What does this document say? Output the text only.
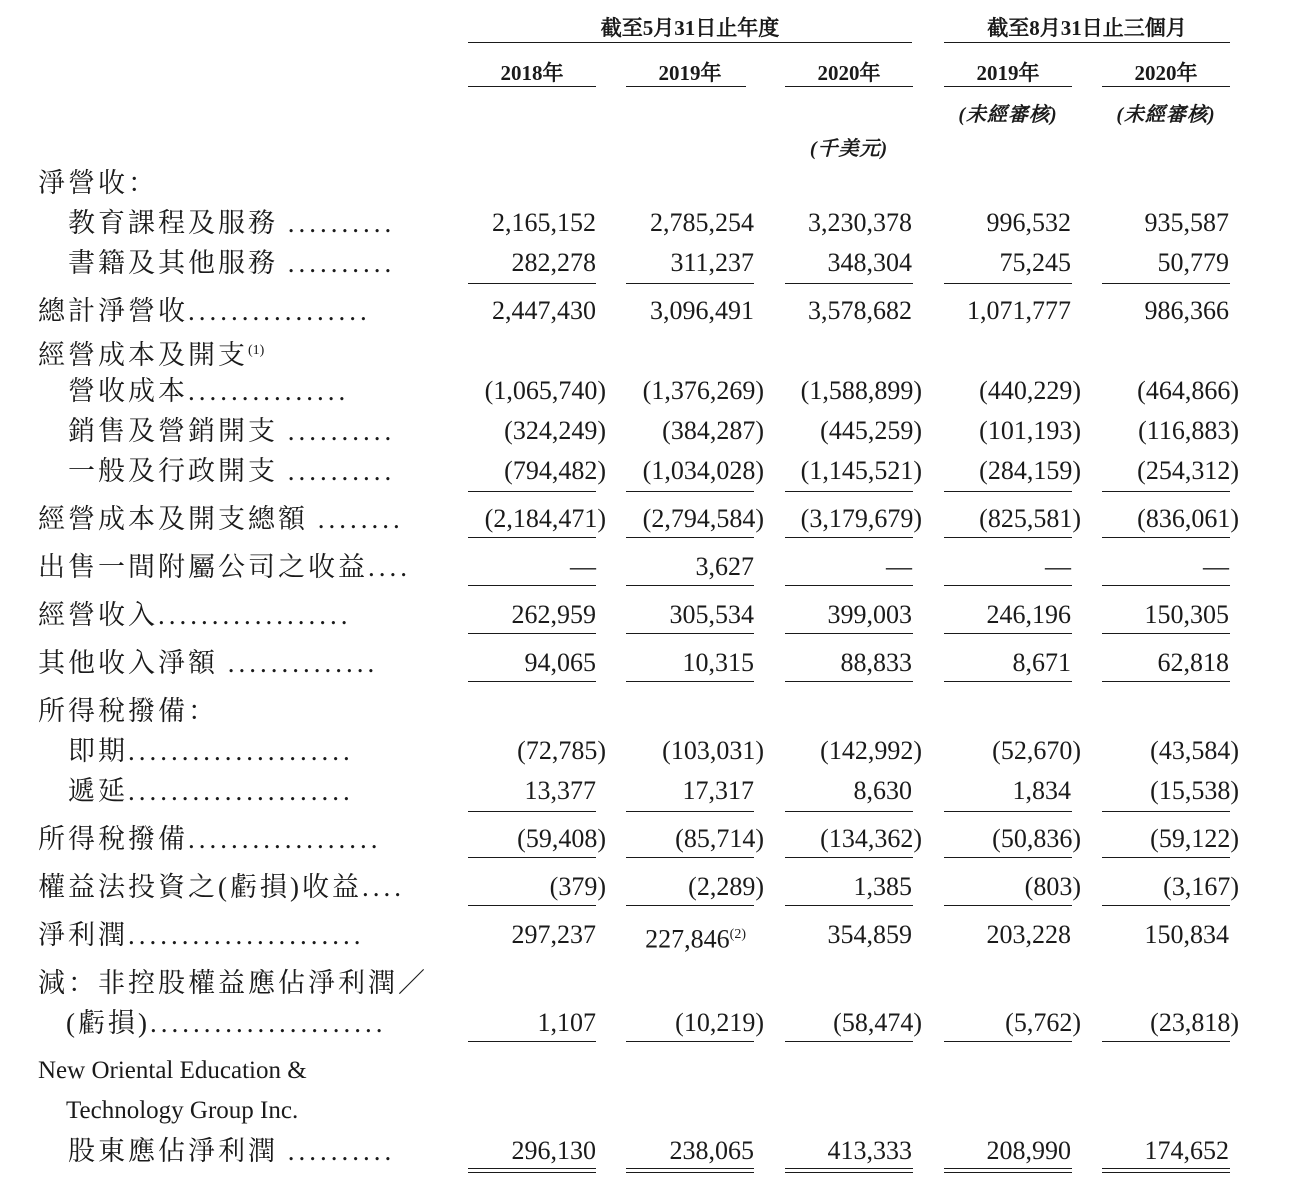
截至5月31日止年度	截至8月31日止三個月
2018年	2019年	2020年	2019年	2020年
(未經審核)	(未經審核)
(千美元)
淨營收：
教育課程及服務 ..........	2,165,152 2,785,254 3,230,378	996,532	935,587
書籍及其他服務 ..........	282,278	311,237	348,304	75,245	50,779
總計淨營收.................	2,447,430 3,096,491 3,578,682 1,071,777	986,366
經營成本及開支$^{(1)}$
營收成本...............	(1,065,740) (1,376,269) (1,588,899) (440,229) (464,866)
銷售及營銷開支 ..........	(324,249) (384,287) (445,259) (101,193) (116,883)
一般及行政開支 ..........	(794,482) (1,034,028) (1,145,521) (284,159) (254,312)
經營成本及開支總額 ........	(2,184,471) (2,794,584) (3,179,679) (825,581) (836,061)
出售一間附屬公司之收益....	—	3,627	—	—	—
經營收入..................	262,959	305,534	399,003	246,196	150,305
其他收入淨額 ..............	94,065	10,315	88,833	8,671	62,818
所得稅撥備：
即期.....................	(72,785) (103,031) (142,992)	(52,670)	(43,584)
遞延.....................	13,377	17,317	8,630	1,834	(15,538)
所得稅撥備..................	(59,408)	(85,714) (134,362)	(50,836)	(59,122)
權益法投資之(虧損)收益....	(379)	(2,289)	1,385	(803)	(3,167)
淨利潤......................	297,237 227,846$^{(2)}$	354,859	203,228	150,834
減：非控股權益應佔淨利潤／
(虧損)......................	1,107	(10,219)	(58,474)	(5,762)	(23,818)
New Oriental Education &
Technology Group Inc.
股東應佔淨利潤 ..........	296,130	238,065	413,333	208,990	174,652
